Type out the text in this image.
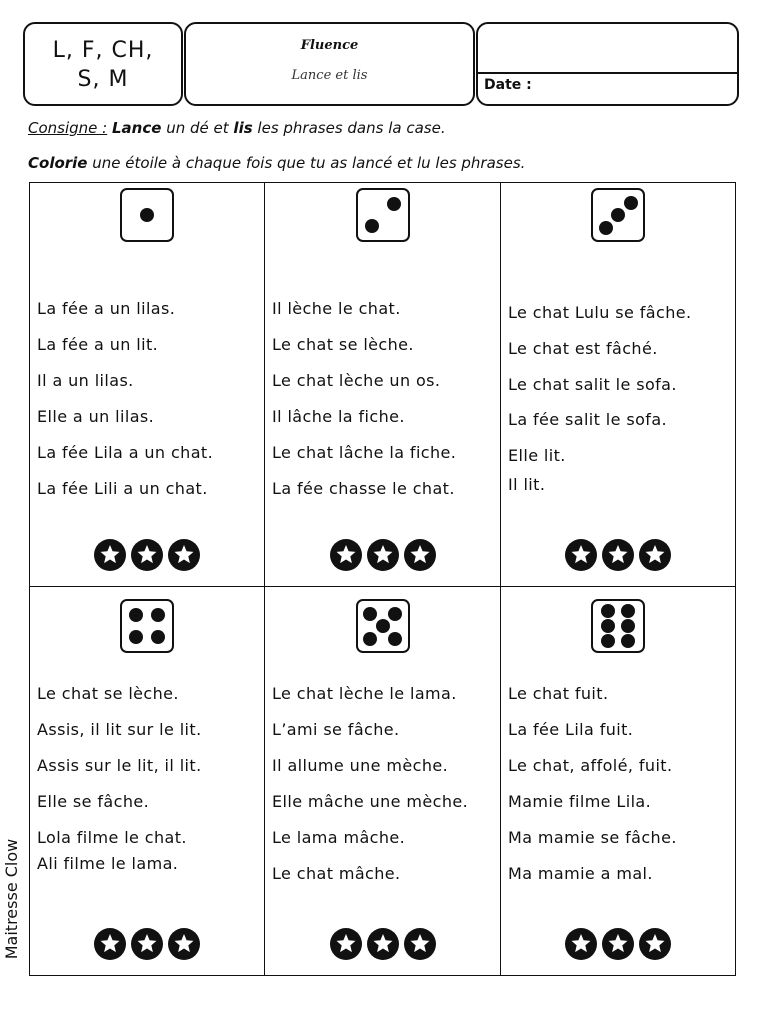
L, F, CH,
S, M
Fluence
Lance et lis
Date :
Consigne : Lance un dé et lis les phrases dans la case.
Colorie une étoile à chaque fois que tu as lancé et lu les phrases.
La fée a un lilas.
La fée a un lit.
Il a un lilas.
Elle a un lilas.
La fée Lila a un chat.
La fée Lili a un chat.
Il lèche le chat.
Le chat se lèche.
Le chat lèche un os.
Il lâche la fiche.
Le chat lâche la fiche.
La fée chasse le chat.
Le chat Lulu se fâche.
Le chat est fâché.
Le chat salit le sofa.
La fée salit le sofa.
Elle lit.
Il lit.
Le chat se lèche.
Assis, il lit sur le lit.
Assis sur le lit, il lit.
Elle se fâche.
Lola filme le chat.
Ali filme le lama.
Le chat lèche le lama.
L’ami se fâche.
Il allume une mèche.
Elle mâche une mèche.
Le lama mâche.
Le chat mâche.
Le chat fuit.
La fée Lila fuit.
Le chat, affolé, fuit.
Mamie filme Lila.
Ma mamie se fâche.
Ma mamie a mal.
Maitresse Clow
